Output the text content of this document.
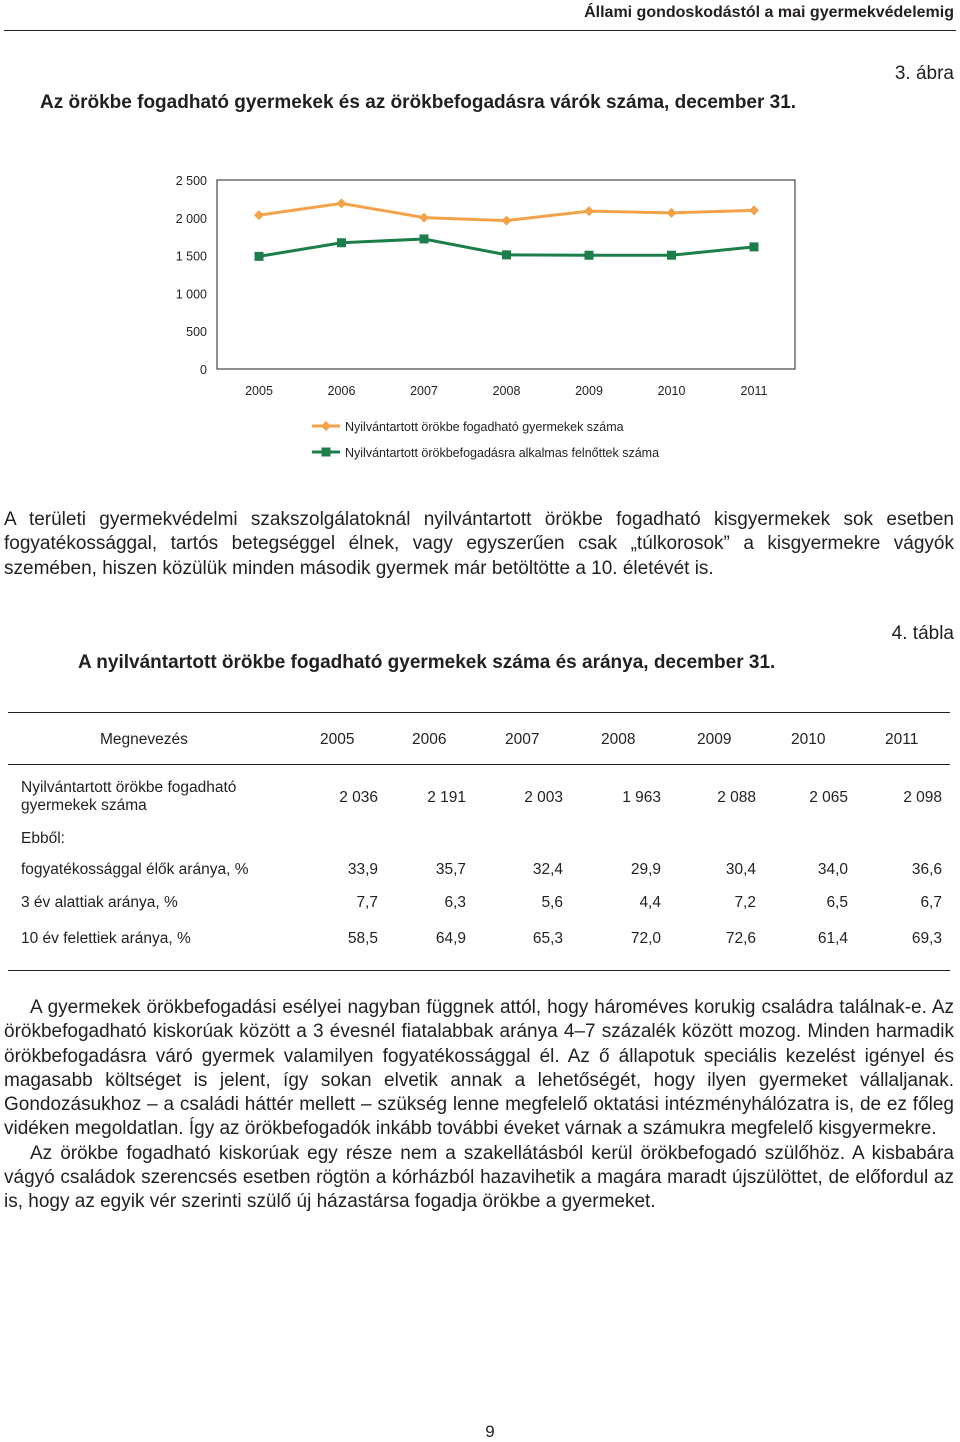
Állami gondoskodástól a mai gyermekvédelemig
3. ábra
Az örökbe fogadható gyermekek és az örökbefogadásra várók száma, december 31.
0
500
1 000
1 500
2 000
2 500
2005	2006	2007	2008	2009	2010	2011
Nyilvántartott örökbe fogadható gyermekek száma
Nyilvántartott örökbefogadásra alkalmas felnőttek száma

A területi gyermekvédelmi szakszolgálatoknál nyilvántartott örökbe fogadható kisgyermekek sok esetben fogyatékossággal, tartós betegséggel élnek, vagy egyszerűen csak „túlkorosok” a kisgyermekre vágyók szemében, hiszen közülük minden második gyermek már betöltötte a 10. életévét is.

4. tábla
A nyilvántartott örökbe fogadható gyermekek száma és aránya, december 31.
Megnevezés	2005	2006	2007	2008	2009	2010	2011
Nyilvántartott örökbe fogadható
gyermekek száma	2 036	2 191	2 003	1 963	2 088	2 065	2 098
Ebből:
fogyatékossággal élők aránya, %	33,9	35,7	32,4	29,9	30,4	34,0	36,6
3 év alattiak aránya, %	7,7	6,3	5,6	4,4	7,2	6,5	6,7
10 év felettiek aránya, %	58,5	64,9	65,3	72,0	72,6	61,4	69,3

A gyermekek örökbefogadási esélyei nagyban függnek attól, hogy hároméves korukig családra találnak-e. Az örökbefogadható kiskorúak között a 3 évesnél fiatalabbak aránya 4–7 százalék között mozog. Minden harmadik örökbefogadásra váró gyermek valamilyen fogyatékossággal él. Az ő állapotuk speciális kezelést igényel és magasabb költséget is jelent, így sokan elvetik annak a lehetőségét, hogy ilyen gyermeket vállaljanak. Gondozásukhoz – a családi háttér mellett – szükség lenne megfelelő oktatási intézményhálózatra is, de ez főleg vidéken megoldatlan. Így az örökbefogadók inkább további éveket várnak a számukra megfelelő kisgyermekre.

Az örökbe fogadható kiskorúak egy része nem a szakellátásból kerül örökbefogadó szülőhöz. A kisbabára vágyó családok szerencsés esetben rögtön a kórházból hazavihetik a magára maradt újszülöttet, de előfordul az is, hogy az egyik vér szerinti szülő új házastársa fogadja örökbe a gyermeket.

9
